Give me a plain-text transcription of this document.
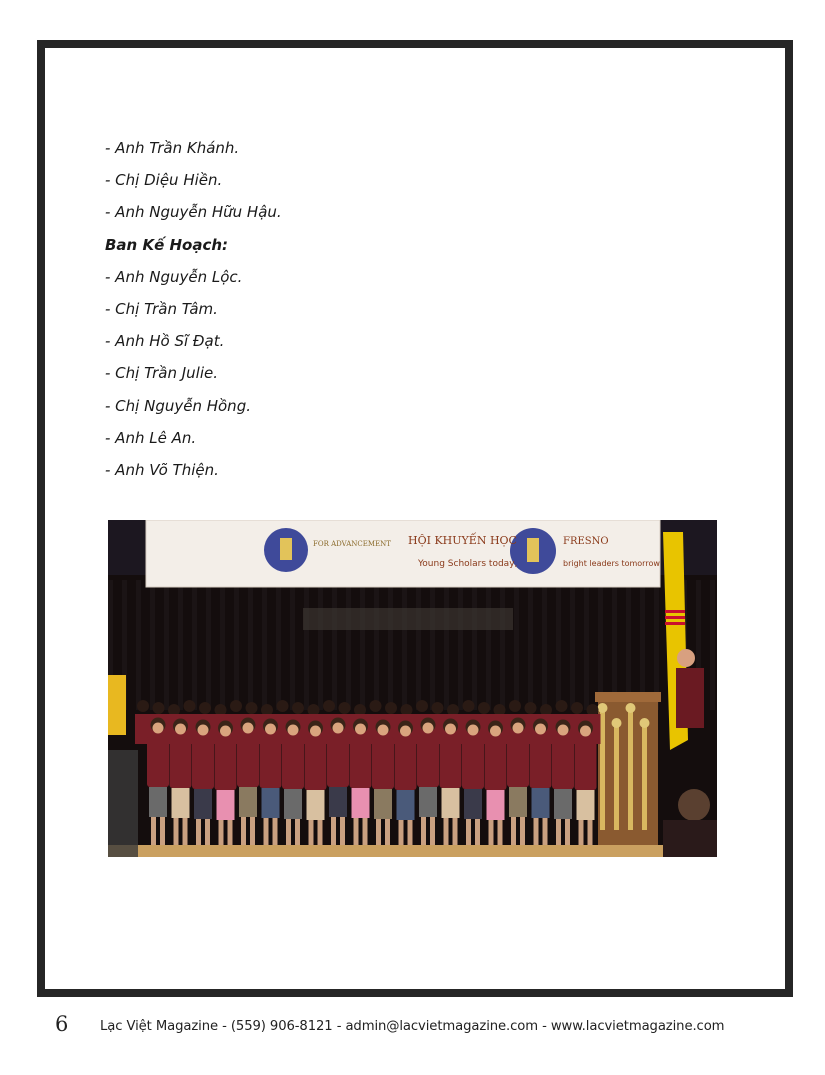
- Anh Trần Khánh.
- Chị Diệu Hiền.
- Anh Nguyễn Hữu Hậu.
Ban Kế Hoạch:
- Anh Nguyễn Lộc.
- Chị Trần Tâm.
- Anh Hồ Sĩ Đạt.
- Chị Trần Julie.
- Chị Nguyễn Hồng.
- Anh Lê An.
- Anh Võ Thiện.
FOR ADVANCEMENT HỘI KHUYẾN HỌC
Young Scholars today,
FRESNO
bright leaders tomorrow
6 Lạc Việt Magazine - (559) 906-8121 - admin@lacvietmagazine.com - www.lacvietmagazine.com
